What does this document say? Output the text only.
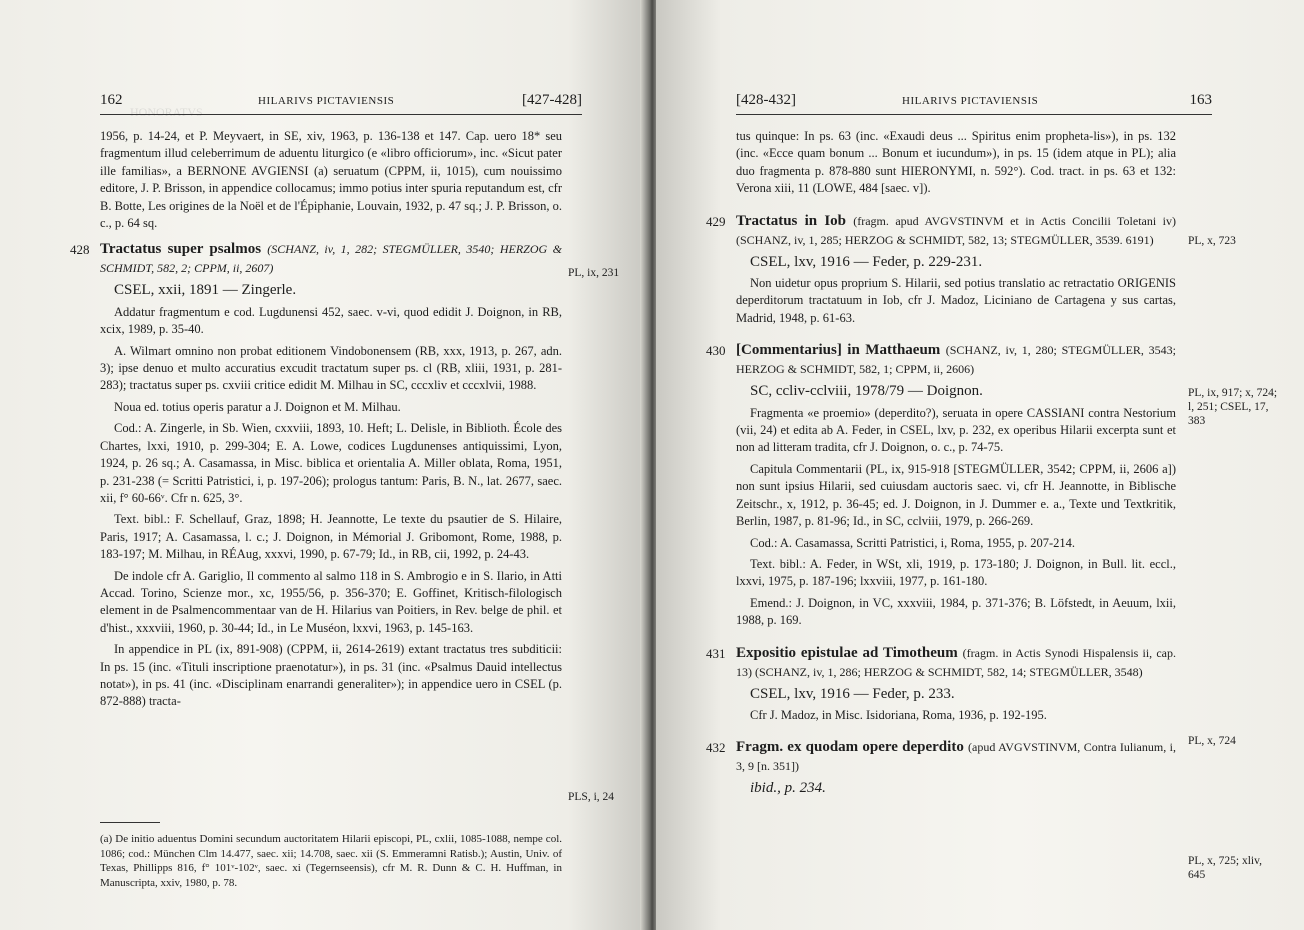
HONORATVS
162	HILARIVS PICTAVIENSIS	[427-428]

1956, p. 14-24, et P. Meyvaert, in SE, xiv, 1963, p. 136-138 et 147. Cap. uero 18* seu fragmentum illud celeberrimum de aduentu liturgico (e «libro officiorum», inc. «Sicut pater ille familias», a BERNONE AVGIENSI (a) seruatum (CPPM, ii, 1015), cum nouissimo editore, J. P. Brisson, in appendice collocamus; immo potius inter spuria reputandum est, cfr B. Botte, Les origines de la Noël et de l'Épiphanie, Louvain, 1932, p. 47 sq.; J. P. Brisson, o. c., p. 64 sq.

428 Tractatus super psalmos (SCHANZ, iv, 1, 282; STEGMÜLLER, 3540; HERZOG & SCHMIDT, 582, 2; CPPM, ii, 2607)
CSEL, xxii, 1891 — Zingerle.

Addatur fragmentum e cod. Lugdunensi 452, saec. v-vi, quod edidit J. Doignon, in RB, xcix, 1989, p. 35-40.

A. Wilmart omnino non probat editionem Vindobonensem (RB, xxx, 1913, p. 267, adn. 3); ipse denuo et multo accuratius excudit tractatum super ps. cl (RB, xliii, 1931, p. 281-283); tractatus super ps. cxviii critice edidit M. Milhau in SC, cccxliv et cccxlvii, 1988.

Noua ed. totius operis paratur a J. Doignon et M. Milhau.

Cod.: A. Zingerle, in Sb. Wien, cxxviii, 1893, 10. Heft; L. Delisle, in Biblioth. École des Chartes, lxxi, 1910, p. 299-304; E. A. Lowe, codices Lugdunenses antiquissimi, Lyon, 1924, p. 26 sq.; A. Casamassa, in Misc. biblica et orientalia A. Miller oblata, Roma, 1951, p. 231-238 (= Scritti Patristici, i, p. 197-206); prologus tantum: Paris, B. N., lat. 2677, saec. xii, f° 60-66ᵛ. Cfr n. 625, 3°.

Text. bibl.: F. Schellauf, Graz, 1898; H. Jeannotte, Le texte du psautier de S. Hilaire, Paris, 1917; A. Casamassa, l. c.; J. Doignon, in Mémorial J. Gribomont, Rome, 1988, p. 183-197; M. Milhau, in RÉAug, xxxvi, 1990, p. 67-79; Id., in RB, cii, 1992, p. 24-43.

De indole cfr A. Gariglio, Il commento al salmo 118 in S. Ambrogio e in S. Ilario, in Atti Accad. Torino, Scienze mor., xc, 1955/56, p. 356-370; E. Goffinet, Kritisch-filologisch element in de Psalmencommentaar van de H. Hilarius van Poitiers, in Rev. belge de phil. et d'hist., xxxviii, 1960, p. 30-44; Id., in Le Muséon, lxxvi, 1963, p. 145-163.

In appendice in PL (ix, 891-908) (CPPM, ii, 2614-2619) extant tractatus tres subditicii: In ps. 15 (inc. «Tituli inscriptione praenotatur»), in ps. 31 (inc. «Psalmus Dauid intellectus notat»), in ps. 41 (inc. «Disciplinam enarrandi generaliter»); in appendice uero in CSEL (p. 872-888) tracta-

PL, ix, 231
PLS, i, 24
(a) De initio aduentus Domini secundum auctoritatem Hilarii episcopi, PL, cxlii, 1085-1088, nempe col. 1086; cod.: München Clm 14.477, saec. xii; 14.708, saec. xii (S. Emmeramni Ratisb.); Austin, Univ. of Texas, Phillipps 816, f° 101ᵛ-102ᵛ, saec. xi (Tegernseensis), cfr M. R. Dunn & C. H. Huffman, in Manuscripta, xxiv, 1980, p. 78.
[428-432]	HILARIVS PICTAVIENSIS	163

tus quinque: In ps. 63 (inc. «Exaudi deus ... Spiritus enim propheta-lis»), in ps. 132 (inc. «Ecce quam bonum ... Bonum et iucundum»), in ps. 15 (idem atque in PL); alia duo fragmenta p. 878-880 sunt HIERONYMI, n. 592°). Cod. tract. in ps. 63 et 132: Verona xiii, 11 (LOWE, 484 [saec. v]).

429 Tractatus in Iob (fragm. apud AVGVSTINVM et in Actis Concilii Toletani iv) (SCHANZ, iv, 1, 285; HERZOG & SCHMIDT, 582, 13; STEGMÜLLER, 3539. 6191)
CSEL, lxv, 1916 — Feder, p. 229-231.

Non uidetur opus proprium S. Hilarii, sed potius translatio ac retractatio ORIGENIS deperditorum tractatuum in Iob, cfr J. Madoz, Liciniano de Cartagena y sus cartas, Madrid, 1948, p. 61-63.

430 [Commentarius] in Matthaeum (SCHANZ, iv, 1, 280; STEGMÜLLER, 3543; HERZOG & SCHMIDT, 582, 1; CPPM, ii, 2606)
SC, ccliv-cclviii, 1978/79 — Doignon.

Fragmenta «e proemio» (deperdito?), seruata in opere CASSIANI contra Nestorium (vii, 24) et edita ab A. Feder, in CSEL, lxv, p. 232, ex operibus Hilarii excerpta sunt et non ad litteram tradita, cfr J. Doignon, o. c., p. 74-75.

Capitula Commentarii (PL, ix, 915-918 [STEGMÜLLER, 3542; CPPM, ii, 2606 a]) non sunt ipsius Hilarii, sed cuiusdam auctoris saec. vi, cfr H. Jeannotte, in Biblische Zeitschr., x, 1912, p. 36-45; ed. J. Doignon, in J. Dummer e. a., Texte und Textkritik, Berlin, 1987, p. 81-96; Id., in SC, cclviii, 1979, p. 266-269.

Cod.: A. Casamassa, Scritti Patristici, i, Roma, 1955, p. 207-214.

Text. bibl.: A. Feder, in WSt, xli, 1919, p. 173-180; J. Doignon, in Bull. lit. eccl., lxxvi, 1975, p. 187-196; lxxviii, 1977, p. 161-180.

Emend.: J. Doignon, in VC, xxxviii, 1984, p. 371-376; B. Löfstedt, in Aeuum, lxii, 1988, p. 169.

431 Expositio epistulae ad Timotheum (fragm. in Actis Synodi Hispalensis ii, cap. 13) (SCHANZ, iv, 1, 286; HERZOG & SCHMIDT, 582, 14; STEGMÜLLER, 3548)
CSEL, lxv, 1916 — Feder, p. 233.

Cfr J. Madoz, in Misc. Isidoriana, Roma, 1936, p. 192-195.

432 Fragm. ex quodam opere deperdito (apud AVGVSTINVM, Contra Iulianum, i, 3, 9 [n. 351])
ibid., p. 234.
PL, x, 723
PL, ix, 917; x, 724; l, 251; CSEL, 17, 383
PL, x, 724
PL, x, 725; xliv, 645
